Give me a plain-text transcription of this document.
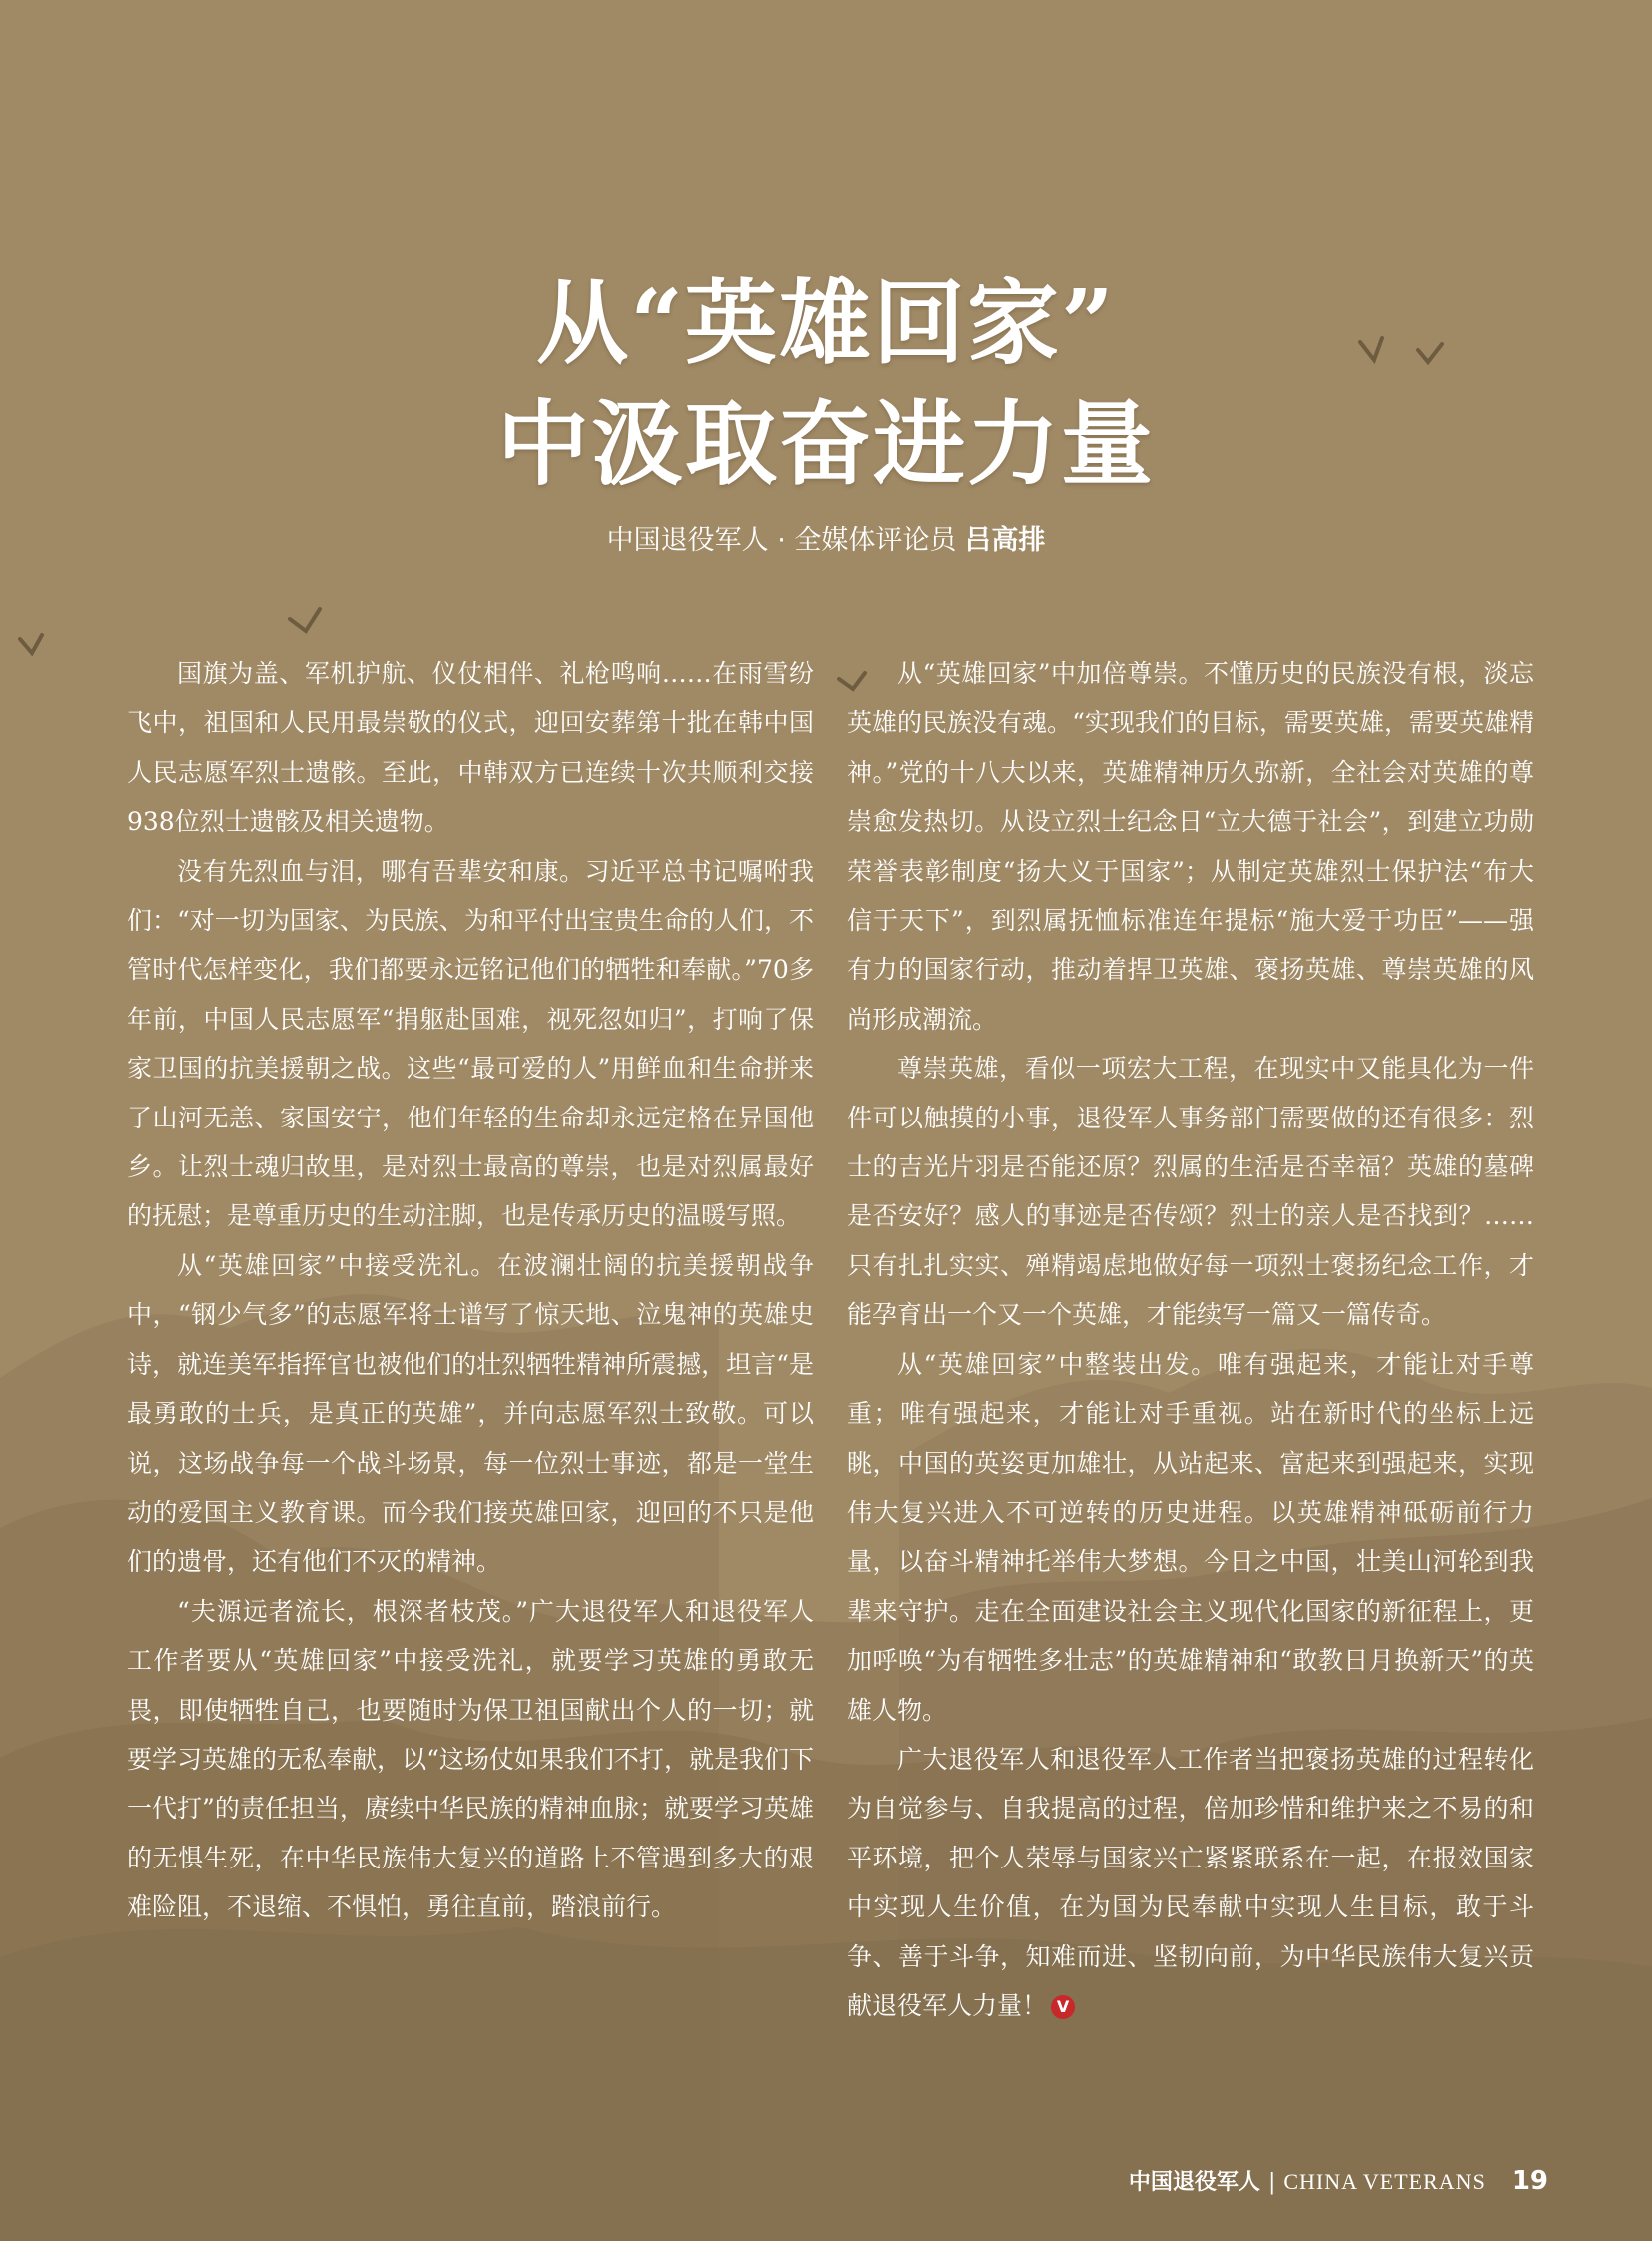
从“英雄回家”
中汲取奋进力量
中国退役军人 · 全媒体评论员 吕高排

国旗为盖、军机护航、仪仗相伴、礼枪鸣响……在雨雪纷飞中，祖国和人民用最崇敬的仪式，迎回安葬第十批在韩中国人民志愿军烈士遗骸。至此，中韩双方已连续十次共顺利交接938位烈士遗骸及相关遗物。

没有先烈血与泪，哪有吾辈安和康。习近平总书记嘱咐我们：“对一切为国家、为民族、为和平付出宝贵生命的人们，不管时代怎样变化，我们都要永远铭记他们的牺牲和奉献。”70多年前，中国人民志愿军“捐躯赴国难，视死忽如归”，打响了保家卫国的抗美援朝之战。这些“最可爱的人”用鲜血和生命拼来了山河无恙、家国安宁，他们年轻的生命却永远定格在异国他乡。让烈士魂归故里，是对烈士最高的尊崇，也是对烈属最好的抚慰；是尊重历史的生动注脚，也是传承历史的温暖写照。

从“英雄回家”中接受洗礼。在波澜壮阔的抗美援朝战争中，“钢少气多”的志愿军将士谱写了惊天地、泣鬼神的英雄史诗，就连美军指挥官也被他们的壮烈牺牲精神所震撼，坦言“是最勇敢的士兵，是真正的英雄”，并向志愿军烈士致敬。可以说，这场战争每一个战斗场景，每一位烈士事迹，都是一堂生动的爱国主义教育课。而今我们接英雄回家，迎回的不只是他们的遗骨，还有他们不灭的精神。

“夫源远者流长，根深者枝茂。”广大退役军人和退役军人工作者要从“英雄回家”中接受洗礼，就要学习英雄的勇敢无畏，即使牺牲自己，也要随时为保卫祖国献出个人的一切；就要学习英雄的无私奉献，以“这场仗如果我们不打，就是我们下一代打”的责任担当，赓续中华民族的精神血脉；就要学习英雄的无惧生死，在中华民族伟大复兴的道路上不管遇到多大的艰难险阻，不退缩、不惧怕，勇往直前，踏浪前行。

从“英雄回家”中加倍尊崇。不懂历史的民族没有根，淡忘英雄的民族没有魂。“实现我们的目标，需要英雄，需要英雄精神。”党的十八大以来，英雄精神历久弥新，全社会对英雄的尊崇愈发热切。从设立烈士纪念日“立大德于社会”，到建立功勋荣誉表彰制度“扬大义于国家”；从制定英雄烈士保护法“布大信于天下”，到烈属抚恤标准连年提标“施大爱于功臣”——强有力的国家行动，推动着捍卫英雄、褒扬英雄、尊崇英雄的风尚形成潮流。

尊崇英雄，看似一项宏大工程，在现实中又能具化为一件件可以触摸的小事，退役军人事务部门需要做的还有很多：烈士的吉光片羽是否能还原？烈属的生活是否幸福？英雄的墓碑是否安好？感人的事迹是否传颂？烈士的亲人是否找到？……只有扎扎实实、殚精竭虑地做好每一项烈士褒扬纪念工作，才能孕育出一个又一个英雄，才能续写一篇又一篇传奇。

从“英雄回家”中整装出发。唯有强起来，才能让对手尊重；唯有强起来，才能让对手重视。站在新时代的坐标上远眺，中国的英姿更加雄壮，从站起来、富起来到强起来，实现伟大复兴进入不可逆转的历史进程。以英雄精神砥砺前行力量，以奋斗精神托举伟大梦想。今日之中国，壮美山河轮到我辈来守护。走在全面建设社会主义现代化国家的新征程上，更加呼唤“为有牺牲多壮志”的英雄精神和“敢教日月换新天”的英雄人物。

广大退役军人和退役军人工作者当把褒扬英雄的过程转化为自觉参与、自我提高的过程，倍加珍惜和维护来之不易的和平环境，把个人荣辱与国家兴亡紧紧联系在一起，在报效国家中实现人生价值，在为国为民奉献中实现人生目标，敢于斗争、善于斗争，知难而进、坚韧向前，为中华民族伟大复兴贡献退役军人力量！ V

中国退役军人 | CHINA VETERANS 19
